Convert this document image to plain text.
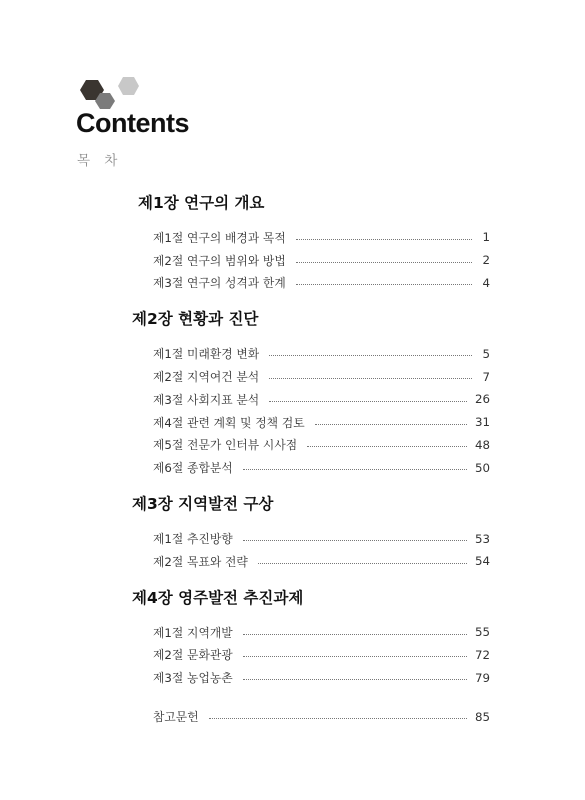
Contents

목 차

제1장 연구의 개요
제1절 연구의 배경과 목적	1
제2절 연구의 범위와 방법	2
제3절 연구의 성격과 한계	4
제2장 현황과 진단
제1절 미래환경 변화	5
제2절 지역여건 분석	7
제3절 사회지표 분석	26
제4절 관련 계획 및 정책 검토	31
제5절 전문가 인터뷰 시사점	48
제6절 종합분석	50
제3장 지역발전 구상
제1절 추진방향	53
제2절 목표와 전략	54
제4장 영주발전 추진과제
제1절 지역개발	55
제2절 문화관광	72
제3절 농업농촌	79
참고문헌	85
